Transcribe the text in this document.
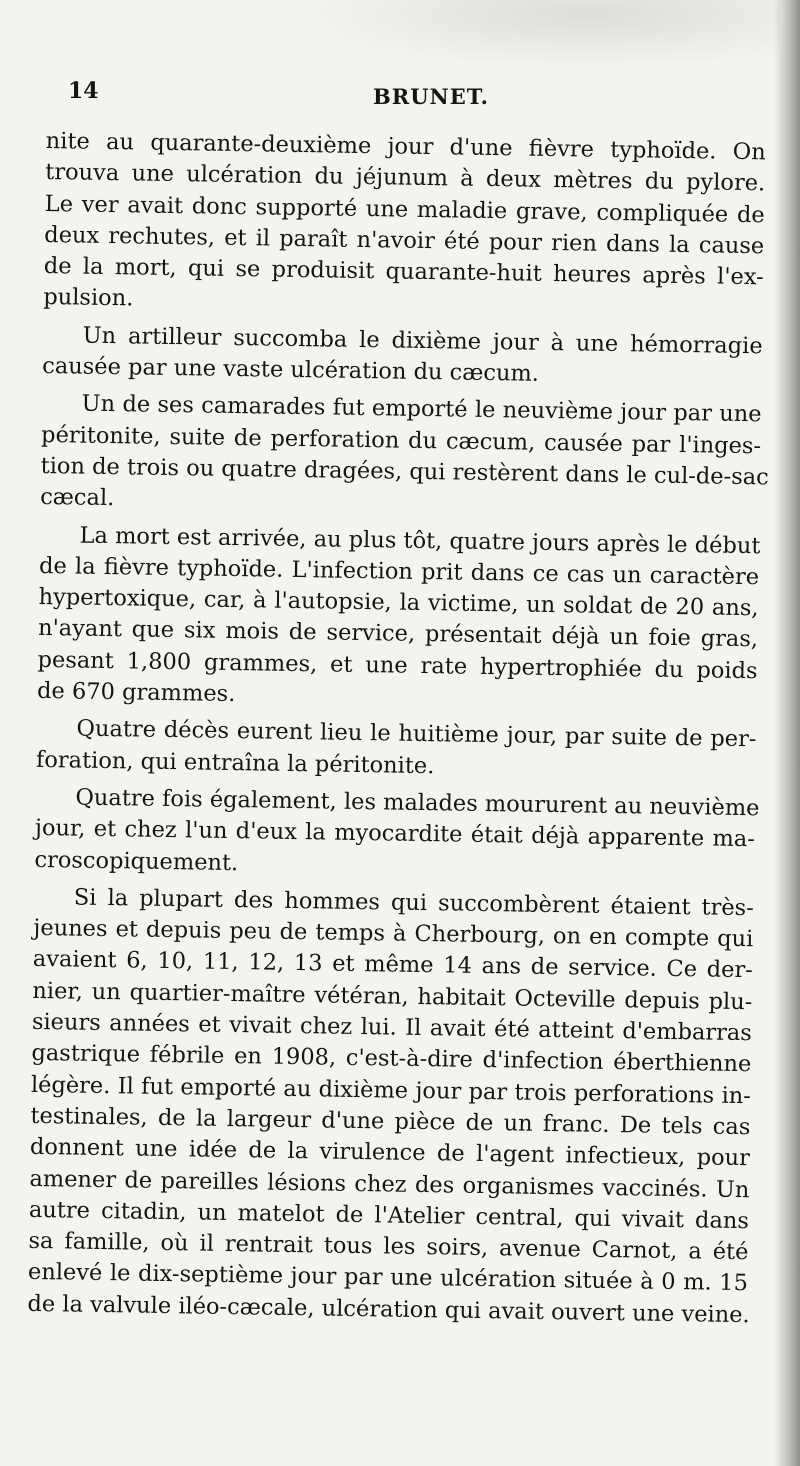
14	BRUNET.
nite au quarante-deuxième jour d'une fièvre typhoïde. On
trouva une ulcération du jéjunum à deux mètres du pylore.
Le ver avait donc supporté une maladie grave, compliquée de
deux rechutes, et il paraît n'avoir été pour rien dans la cause
de la mort, qui se produisit quarante-huit heures après l'ex-
pulsion.
Un artilleur succomba le dixième jour à une hémorragie
causée par une vaste ulcération du cæcum.
Un de ses camarades fut emporté le neuvième jour par une
péritonite, suite de perforation du cæcum, causée par l'inges-
tion de trois ou quatre dragées, qui restèrent dans le cul-de-sac
cæcal.
La mort est arrivée, au plus tôt, quatre jours après le début
de la fièvre typhoïde. L'infection prit dans ce cas un caractère
hypertoxique, car, à l'autopsie, la victime, un soldat de 20 ans,
n'ayant que six mois de service, présentait déjà un foie gras,
pesant 1,800 grammes, et une rate hypertrophiée du poids
de 670 grammes.
Quatre décès eurent lieu le huitième jour, par suite de per-
foration, qui entraîna la péritonite.
Quatre fois également, les malades moururent au neuvième
jour, et chez l'un d'eux la myocardite était déjà apparente ma-
croscopiquement.
Si la plupart des hommes qui succombèrent étaient très-
jeunes et depuis peu de temps à Cherbourg, on en compte qui
avaient 6, 10, 11, 12, 13 et même 14 ans de service. Ce der-
nier, un quartier-maître vétéran, habitait Octeville depuis plu-
sieurs années et vivait chez lui. Il avait été atteint d'embarras
gastrique fébrile en 1908, c'est-à-dire d'infection éberthienne
légère. Il fut emporté au dixième jour par trois perforations in-
testinales, de la largeur d'une pièce de un franc. De tels cas
donnent une idée de la virulence de l'agent infectieux, pour
amener de pareilles lésions chez des organismes vaccinés. Un
autre citadin, un matelot de l'Atelier central, qui vivait dans
sa famille, où il rentrait tous les soirs, avenue Carnot, a été
enlevé le dix-septième jour par une ulcération située à 0 m. 15
de la valvule iléo-cæcale, ulcération qui avait ouvert une veine.
